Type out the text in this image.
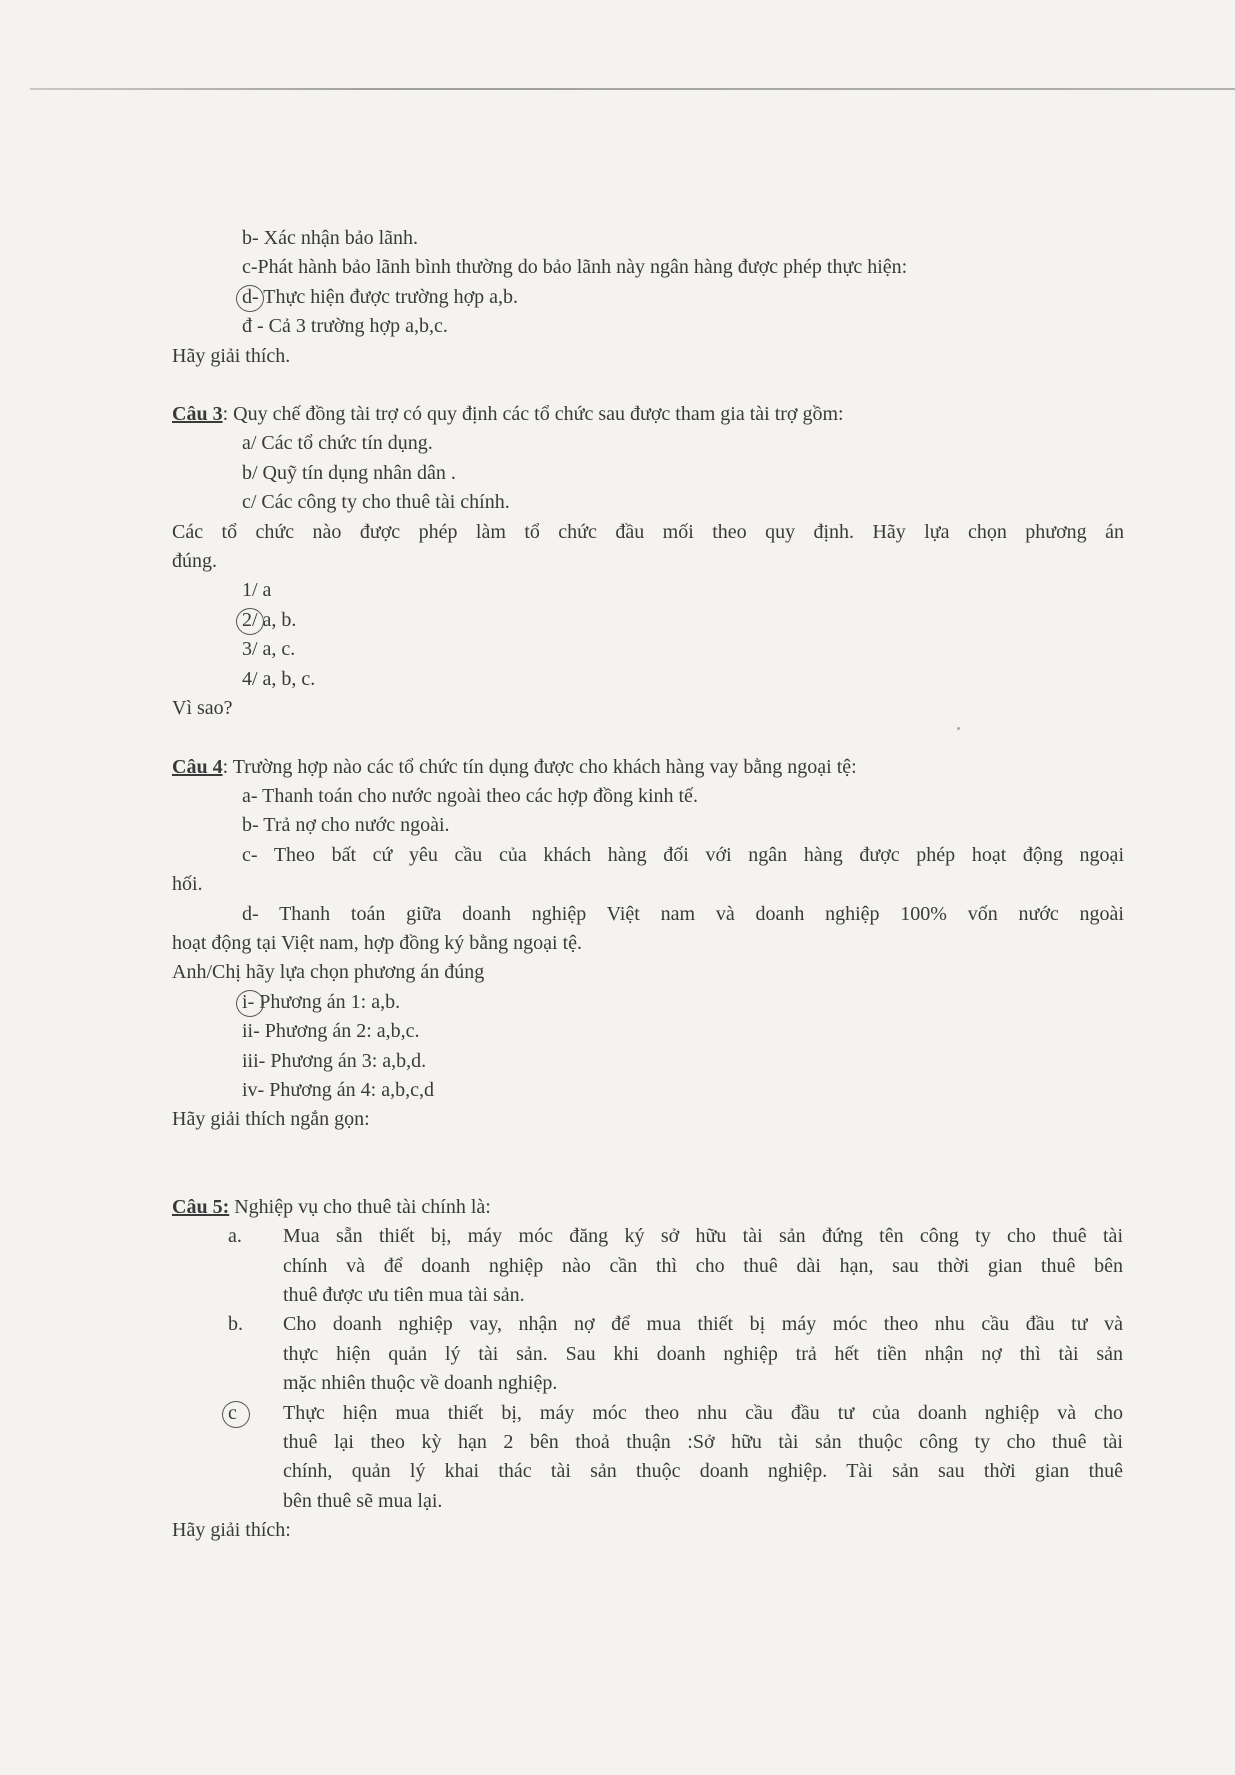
b- Xác nhận bảo lãnh.
c-Phát hành bảo lãnh bình thường do bảo lãnh này ngân hàng được phép thực hiện:
d- Thực hiện được trường hợp a,b.
đ - Cả 3 trường hợp a,b,c.
Hãy giải thích.
Câu 3: Quy chế đồng tài trợ có quy định các tổ chức sau được tham gia tài trợ gồm:
a/ Các tổ chức tín dụng.
b/ Quỹ tín dụng nhân dân .
c/ Các công ty cho thuê tài chính.
Các tổ chức nào được phép làm tổ chức đầu mối theo quy định. Hãy lựa chọn phương án
đúng.
1/ a
2/ a, b.
3/ a, c.
4/ a, b, c.
Vì sao?
Câu 4: Trường hợp nào các tổ chức tín dụng được cho khách hàng vay bằng ngoại tệ:
a- Thanh toán cho nước ngoài theo các hợp đồng kinh tế.
b- Trả nợ cho nước ngoài.
c- Theo bất cứ yêu cầu của khách hàng đối với ngân hàng được phép hoạt động ngoại
hối.
d- Thanh toán giữa doanh nghiệp Việt nam và doanh nghiệp 100% vốn nước ngoài
hoạt động tại Việt nam, hợp đồng ký bằng ngoại tệ.
Anh/Chị hãy lựa chọn phương án đúng
i- Phương án 1: a,b.
ii- Phương án 2: a,b,c.
iii- Phương án 3: a,b,d.
iv- Phương án 4: a,b,c,d
Hãy giải thích ngắn gọn:
Câu 5: Nghiệp vụ cho thuê tài chính là:
a.	Mua sẵn thiết bị, máy móc đăng ký sở hữu tài sản đứng tên công ty cho thuê tài
chính và để doanh nghiệp nào cần thì cho thuê dài hạn, sau thời gian thuê bên
thuê được ưu tiên mua tài sản.
b.	Cho doanh nghiệp vay, nhận nợ để mua thiết bị máy móc theo nhu cầu đầu tư và
thực hiện quản lý tài sản. Sau khi doanh nghiệp trả hết tiền nhận nợ thì tài sản
mặc nhiên thuộc về doanh nghiệp.
c	Thực hiện mua thiết bị, máy móc theo nhu cầu đầu tư của doanh nghiệp và cho
thuê lại theo kỳ hạn 2 bên thoả thuận :Sở hữu tài sản thuộc công ty cho thuê tài
chính, quản lý khai thác tài sản thuộc doanh nghiệp. Tài sản sau thời gian thuê
bên thuê sẽ mua lại.
Hãy giải thích:
